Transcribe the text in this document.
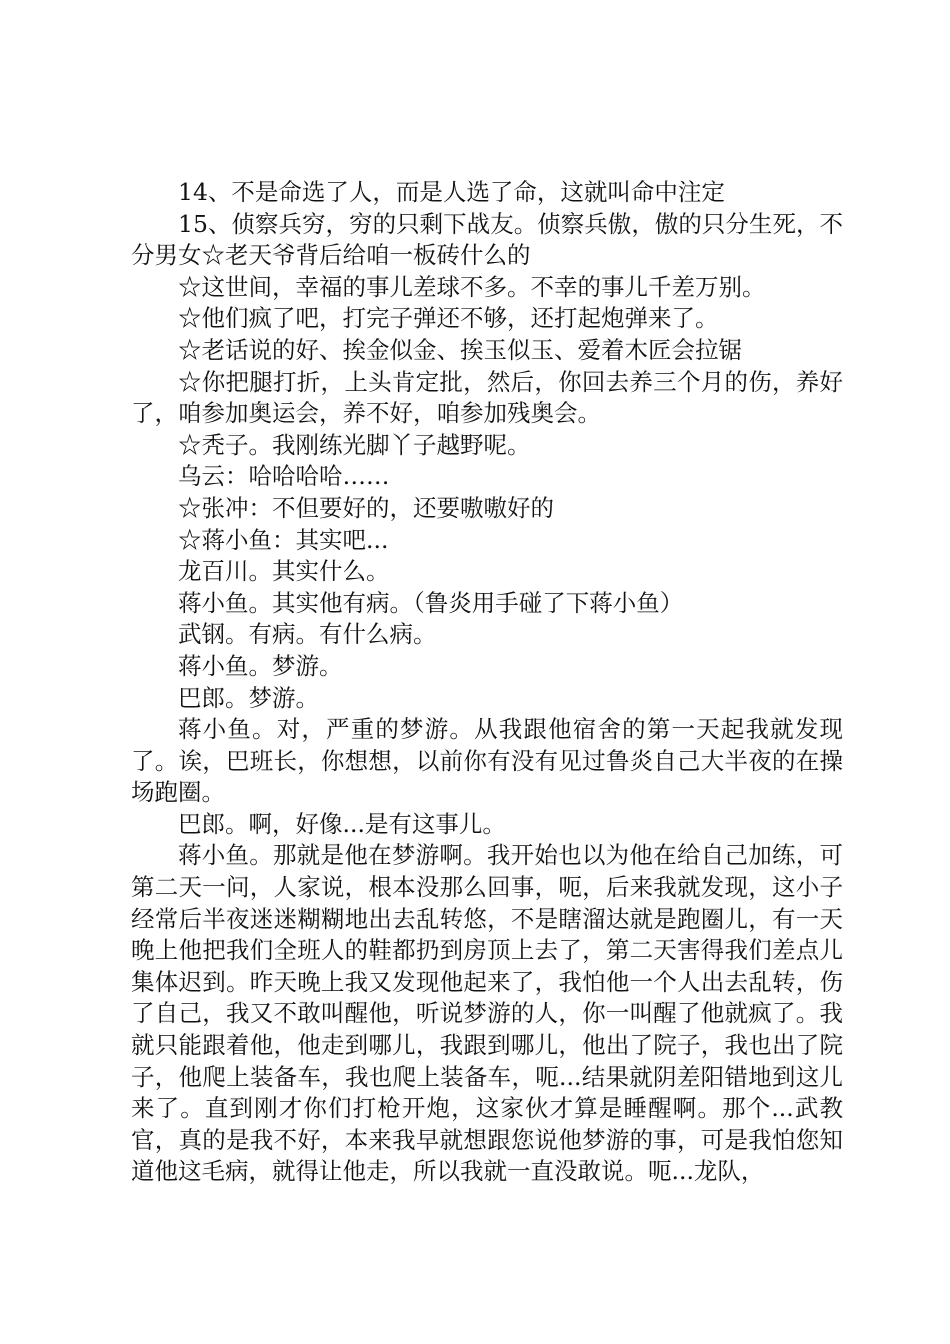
14、不是命选了人，而是人选了命，这就叫命中注定

15、侦察兵穷，穷的只剩下战友。侦察兵傲，傲的只分生死，不分男女☆老天爷背后给咱一板砖什么的

☆这世间，幸福的事儿差球不多。不幸的事儿千差万别。

☆他们疯了吧，打完子弹还不够，还打起炮弹来了。

☆老话说的好、挨金似金、挨玉似玉、爱着木匠会拉锯

☆你把腿打折，上头肯定批，然后，你回去养三个月的伤，养好了，咱参加奥运会，养不好，咱参加残奥会。

☆秃子。我刚练光脚丫子越野呢。

乌云：哈哈哈哈……

☆张冲：不但要好的，还要嗷嗷好的

☆蒋小鱼：其实吧...

龙百川。其实什么。

蒋小鱼。其实他有病。（鲁炎用手碰了下蒋小鱼）

武钢。有病。有什么病。

蒋小鱼。梦游。

巴郎。梦游。

蒋小鱼。对，严重的梦游。从我跟他宿舍的第一天起我就发现了。诶，巴班长，你想想，以前你有没有见过鲁炎自己大半夜的在操场跑圈。

巴郎。啊，好像...是有这事儿。

蒋小鱼。那就是他在梦游啊。我开始也以为他在给自己加练，可第二天一问，人家说，根本没那么回事，呃，后来我就发现，这小子经常后半夜迷迷糊糊地出去乱转悠，不是瞎溜达就是跑圈儿，有一天晚上他把我们全班人的鞋都扔到房顶上去了，第二天害得我们差点儿集体迟到。昨天晚上我又发现他起来了，我怕他一个人出去乱转，伤了自己，我又不敢叫醒他，听说梦游的人，你一叫醒了他就疯了。我就只能跟着他，他走到哪儿，我跟到哪儿，他出了院子，我也出了院子，他爬上装备车，我也爬上装备车，呃...结果就阴差阳错地到这儿来了。直到刚才你们打枪开炮，这家伙才算是睡醒啊。那个...武教官，真的是我不好，本来我早就想跟您说他梦游的事，可是我怕您知道他这毛病，就得让他走，所以我就一直没敢说。呃...龙队，
